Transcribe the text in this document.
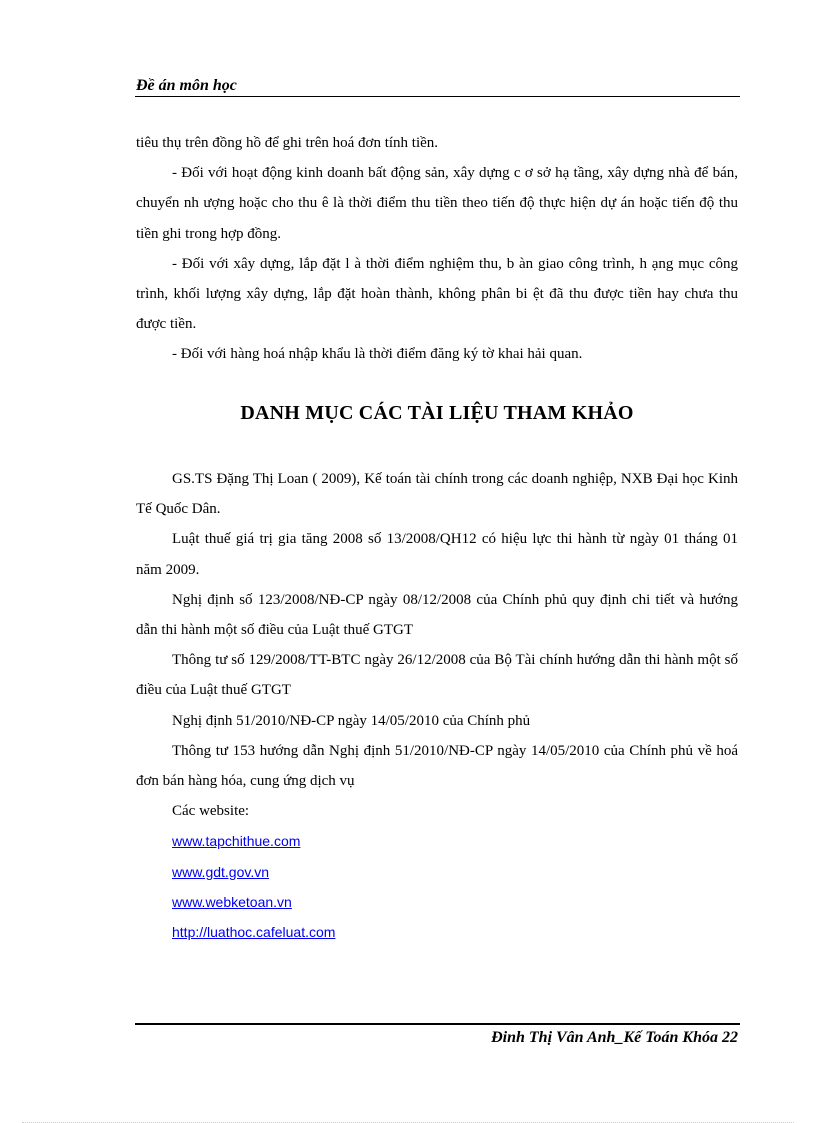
Đề án môn học

tiêu thụ trên đồng hồ để ghi trên hoá đơn tính tiền.

- Đối với hoạt động kinh doanh bất động sản, xây dựng c ơ sở hạ tầng, xây dựng nhà để bán, chuyển nh ượng hoặc cho thu ê là thời điểm thu tiền theo tiến độ thực hiện dự án hoặc tiến độ thu tiền ghi trong hợp đồng.

- Đối với xây dựng, lắp đặt l à thời điểm nghiệm thu, b àn giao công trình, h ạng mục công trình, khối lượng xây dựng, lắp đặt hoàn thành, không phân bi ệt đã thu được tiền hay chưa thu được tiền.

- Đối với hàng hoá nhập khẩu là thời điểm đăng ký tờ khai hải quan.

DANH MỤC CÁC TÀI LIỆU THAM KHẢO

GS.TS Đặng Thị Loan ( 2009), Kế toán tài chính trong các doanh nghiệp, NXB Đại học Kinh Tế Quốc Dân.

Luật thuế giá trị gia tăng 2008 số 13/2008/QH12 có hiệu lực thi hành từ ngày 01 tháng 01 năm 2009.

Nghị định số 123/2008/NĐ-CP ngày 08/12/2008 của Chính phủ quy định chi tiết và hướng dẫn thi hành một số điều của Luật thuế GTGT

Thông tư số 129/2008/TT-BTC ngày 26/12/2008 của Bộ Tài chính hướng dẫn thi hành một số điều của Luật thuế GTGT

Nghị định 51/2010/NĐ-CP ngày 14/05/2010 của Chính phủ

Thông tư 153 hướng dẫn Nghị định 51/2010/NĐ-CP ngày 14/05/2010 của Chính phủ về hoá đơn bán hàng hóa, cung ứng dịch vụ

Các website:

www.tapchithue.com
www.gdt.gov.vn
www.webketoan.vn
http://luathoc.cafeluat.com
Đinh Thị Vân Anh_Kế Toán Khóa 22
